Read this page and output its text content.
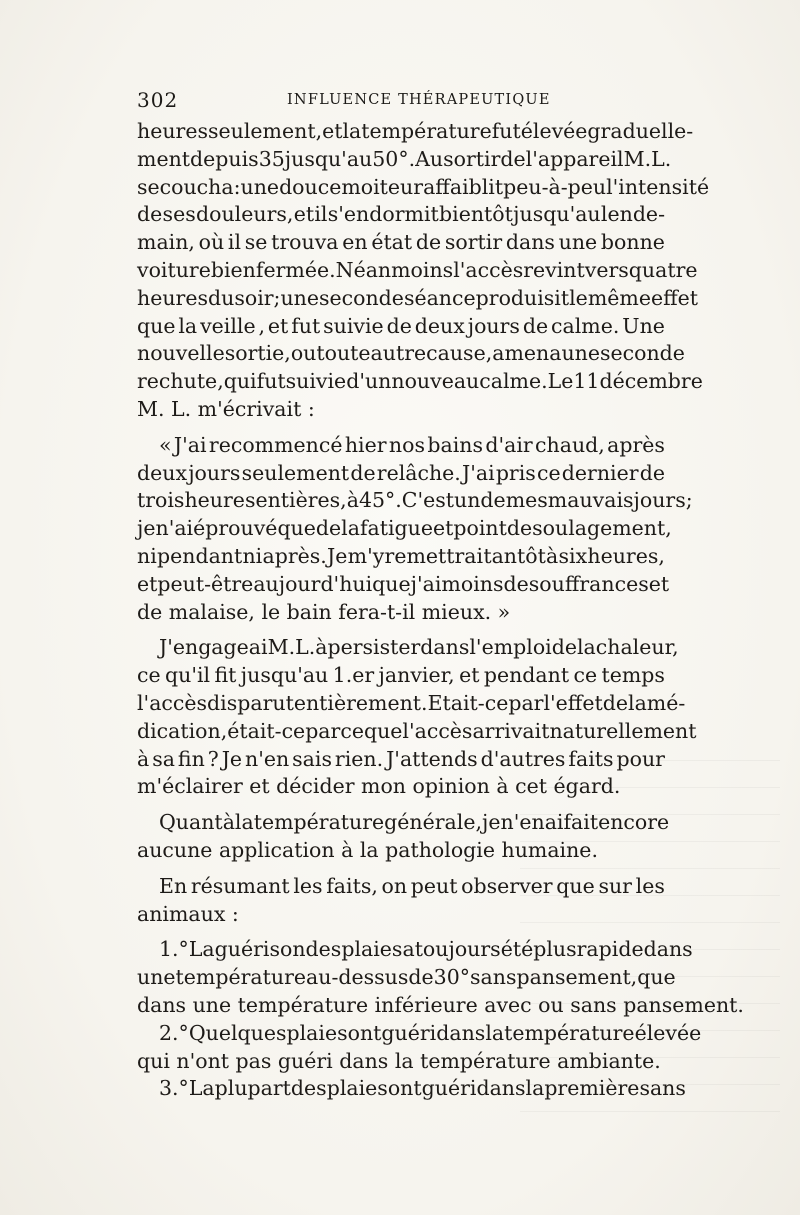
302	INFLUENCE THÉRAPEUTIQUE
heures seulement , et la température fut élevée graduelle-
ment depuis 35 jusqu'au 50°. Au sortir de l'appareil M. L.
se coucha : une douce moiteur affaiblit peu-à-peu l'intensité
de ses douleurs, et il s'endormit bientôt jusqu'au lende-
main, où il se trouva en état de sortir dans une bonne
voiture bien fermée. Néanmoins l'accès revint vers quatre
heures du soir; une seconde séance produisit le même effet
que la veille , et fut suivie de deux jours de calme. Une
nouvelle sortie, ou toute autre cause, amena une seconde
rechute, qui fut suivie d'un nouveau calme. Le 11 décembre
M. L. m'écrivait :
« J'ai recommencé hier nos bains d'air chaud, après
deux jours seulement de relâche. J'ai pris ce dernier de
trois heures entières, à 45°. C'est un de mes mauvais jours;
je n'ai éprouvé que de la fatigue et point de soulagement,
ni pendant ni après. Je m'y remettrai tantôt à six heures,
et peut-être aujourd'hui que j'ai moins de souffrances et
de malaise, le bain fera-t-il mieux. »
J'engageai M. L. à persister dans l'emploi de la chaleur,
ce qu'il fit jusqu'au 1.er janvier, et pendant ce temps
l'accès disparut entièrement. Etait-ce par l'effet de la mé-
dication, était-ce parce que l'accès arrivait naturellement
à sa fin ? Je n'en sais rien. J'attends d'autres faits pour
m'éclairer et décider mon opinion à cet égard.
Quant à la température générale, je n'en ai fait encore
aucune application à la pathologie humaine.
En résumant les faits, on peut observer que sur les
animaux :
1.° La guérison des plaies a toujours été plus rapide dans
une température au-dessus de 30° sans pansement, que
dans une température inférieure avec ou sans pansement.
2.° Quelques plaies ont guéri dans la température élevée
qui n'ont pas guéri dans la température ambiante.
3.° La plupart des plaies ont guéri dans la première sans
